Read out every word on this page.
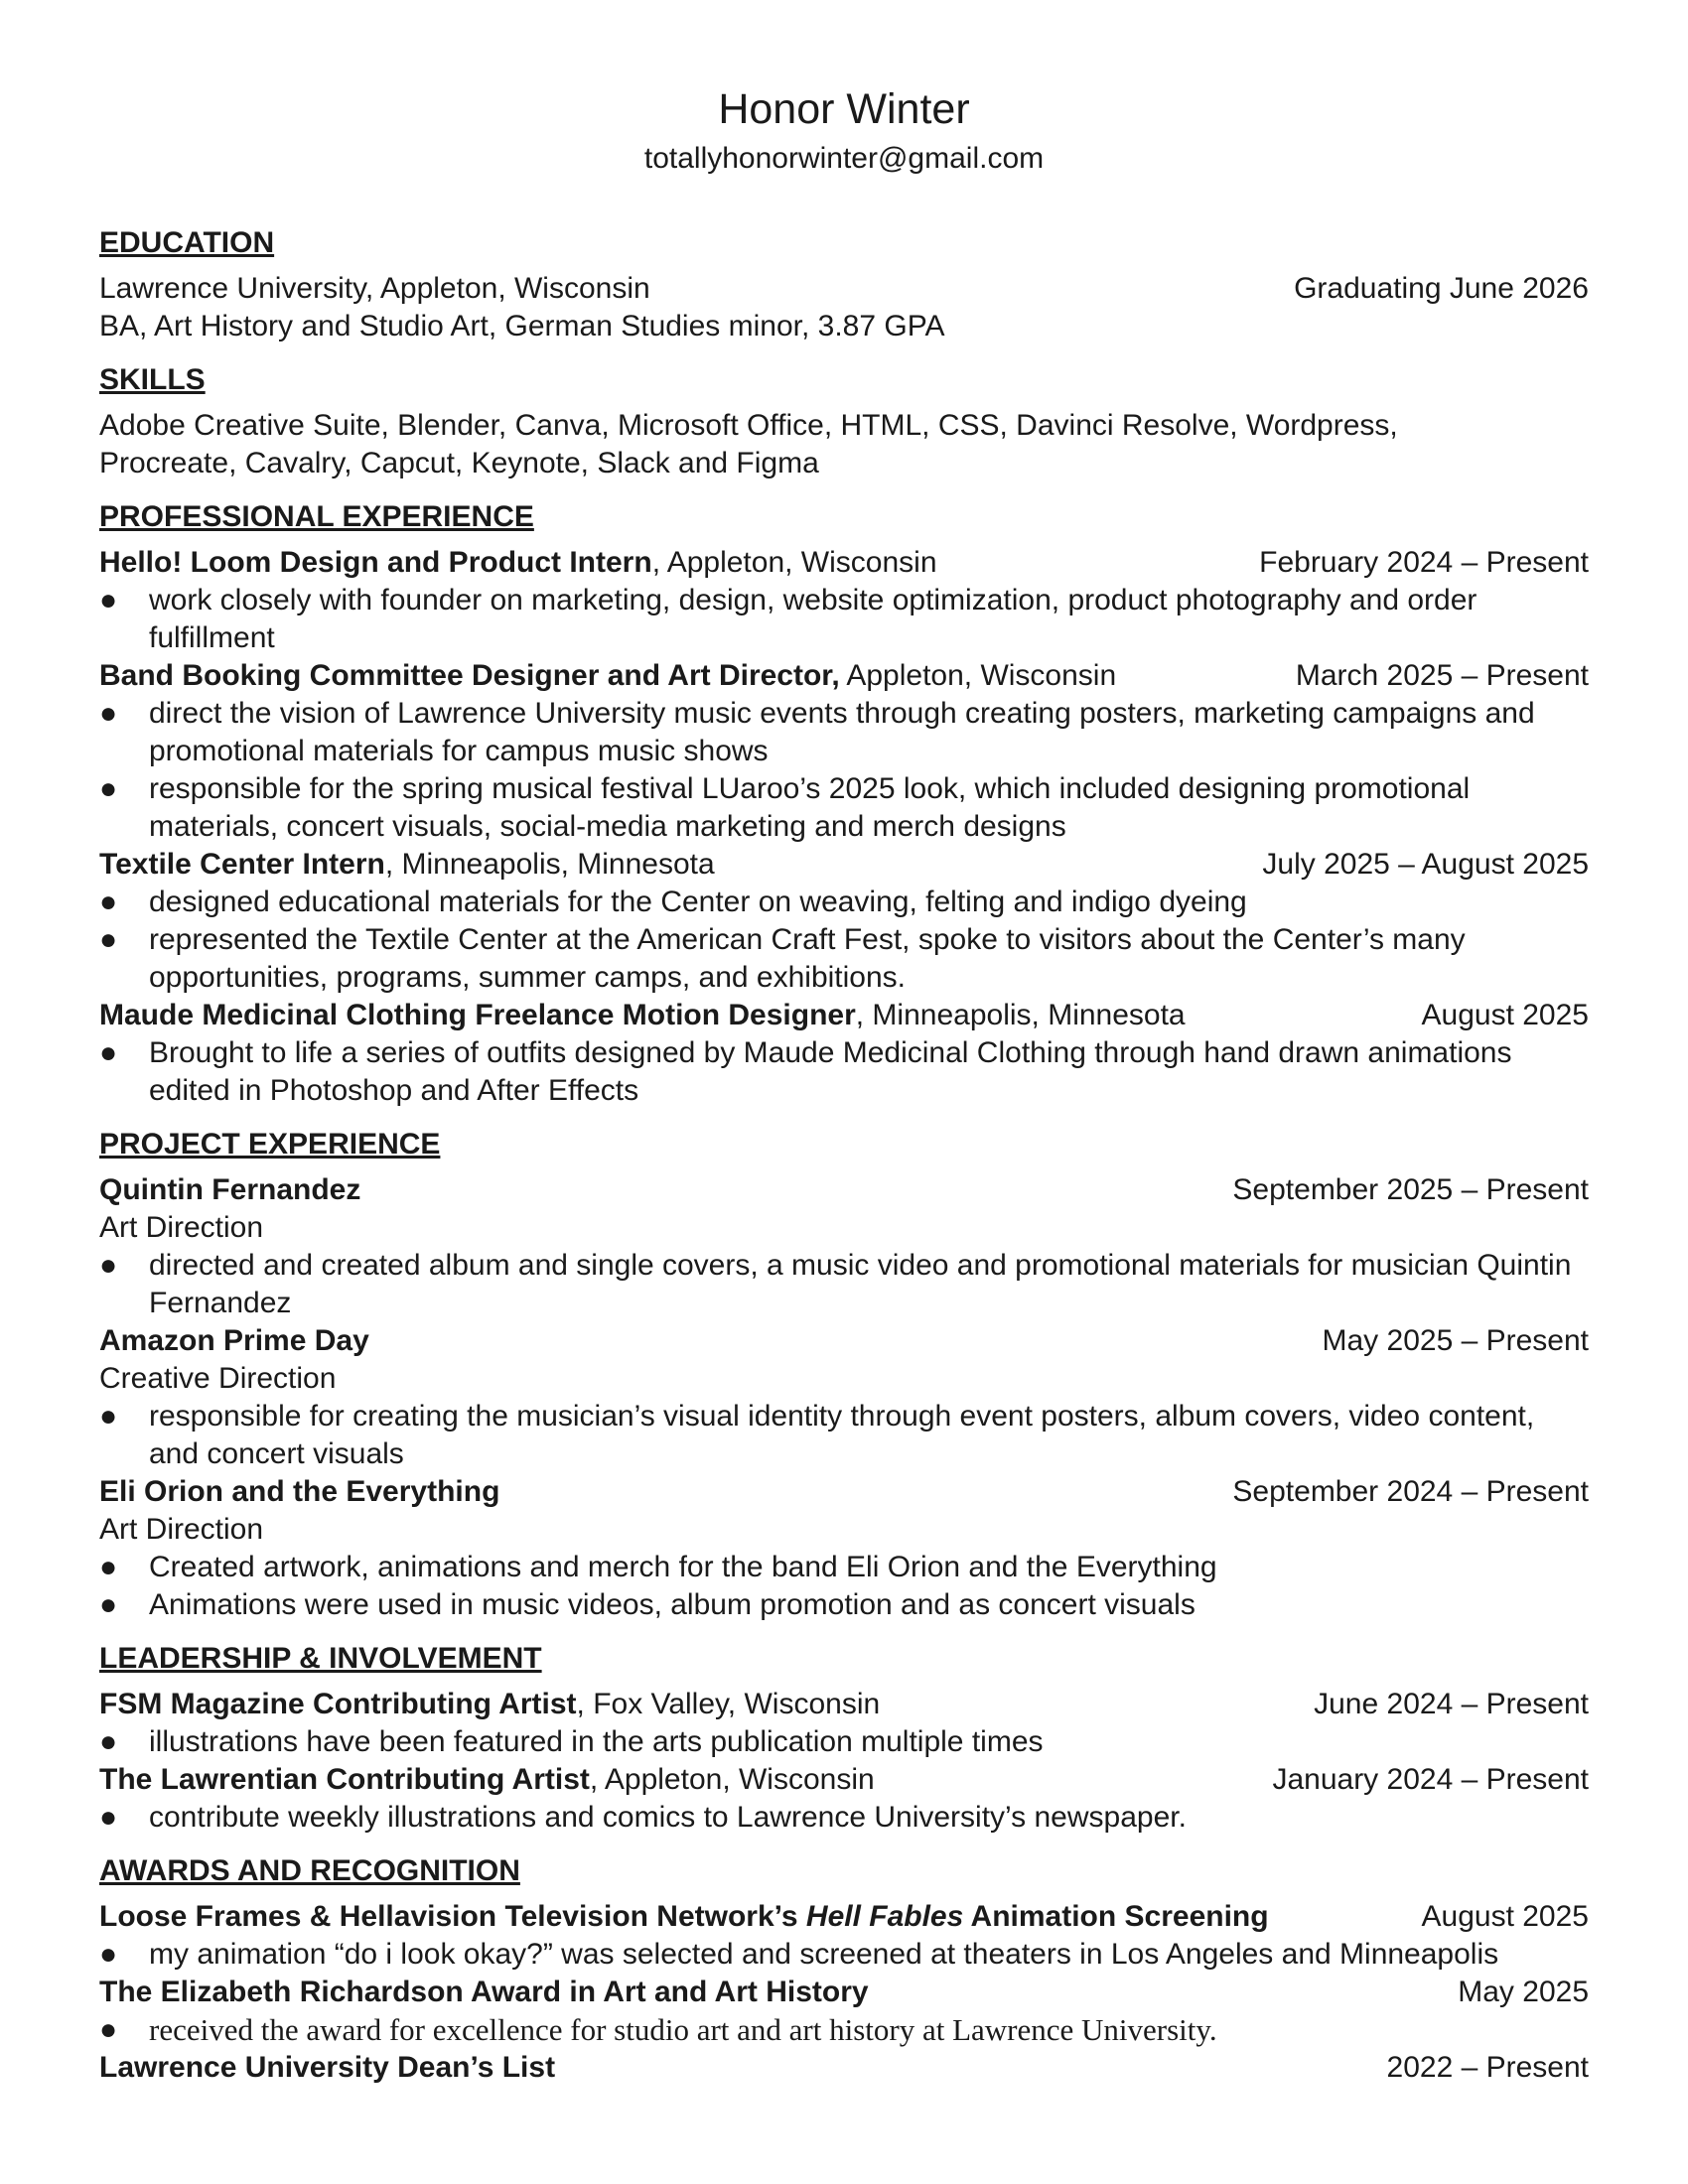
Honor Winter
totallyhonorwinter@gmail.com
EDUCATION
Lawrence University, Appleton, Wisconsin	Graduating June 2026
BA, Art History and Studio Art, German Studies minor, 3.87 GPA
SKILLS
Adobe Creative Suite, Blender, Canva, Microsoft Office, HTML, CSS, Davinci Resolve, Wordpress,
Procreate, Cavalry, Capcut, Keynote, Slack and Figma
PROFESSIONAL EXPERIENCE
Hello! Loom Design and Product Intern, Appleton, Wisconsin	February 2024 – Present
●	work closely with founder on marketing, design, website optimization, product photography and order fulfillment
Band Booking Committee Designer and Art Director, Appleton, Wisconsin	March 2025 – Present
●	direct the vision of Lawrence University music events through creating posters, marketing campaigns and promotional materials for campus music shows
●	responsible for the spring musical festival LUaroo’s 2025 look, which included designing promotional materials, concert visuals, social-media marketing and merch designs
Textile Center Intern, Minneapolis, Minnesota	July 2025 – August 2025
●	designed educational materials for the Center on weaving, felting and indigo dyeing
●	represented the Textile Center at the American Craft Fest, spoke to visitors about the Center’s many opportunities, programs, summer camps, and exhibitions.
Maude Medicinal Clothing Freelance Motion Designer, Minneapolis, Minnesota	August 2025
●	Brought to life a series of outfits designed by Maude Medicinal Clothing through hand drawn animations edited in Photoshop and After Effects
PROJECT EXPERIENCE
Quintin Fernandez	September 2025 – Present
Art Direction
●	directed and created album and single covers, a music video and promotional materials for musician Quintin Fernandez
Amazon Prime Day	May 2025 – Present
Creative Direction
●	responsible for creating the musician’s visual identity through event posters, album covers, video content, and concert visuals
Eli Orion and the Everything	September 2024 – Present
Art Direction
●	Created artwork, animations and merch for the band Eli Orion and the Everything
●	Animations were used in music videos, album promotion and as concert visuals
LEADERSHIP & INVOLVEMENT
FSM Magazine Contributing Artist, Fox Valley, Wisconsin	June 2024 – Present
●	illustrations have been featured in the arts publication multiple times
The Lawrentian Contributing Artist, Appleton, Wisconsin	January 2024 – Present
●	contribute weekly illustrations and comics to Lawrence University’s newspaper.
AWARDS AND RECOGNITION
Loose Frames & Hellavision Television Network’s Hell Fables Animation Screening	August 2025
●	my animation “do i look okay?” was selected and screened at theaters in Los Angeles and Minneapolis
The Elizabeth Richardson Award in Art and Art History	May 2025
●	received the award for excellence for studio art and art history at Lawrence University.
Lawrence University Dean’s List	2022 – Present
